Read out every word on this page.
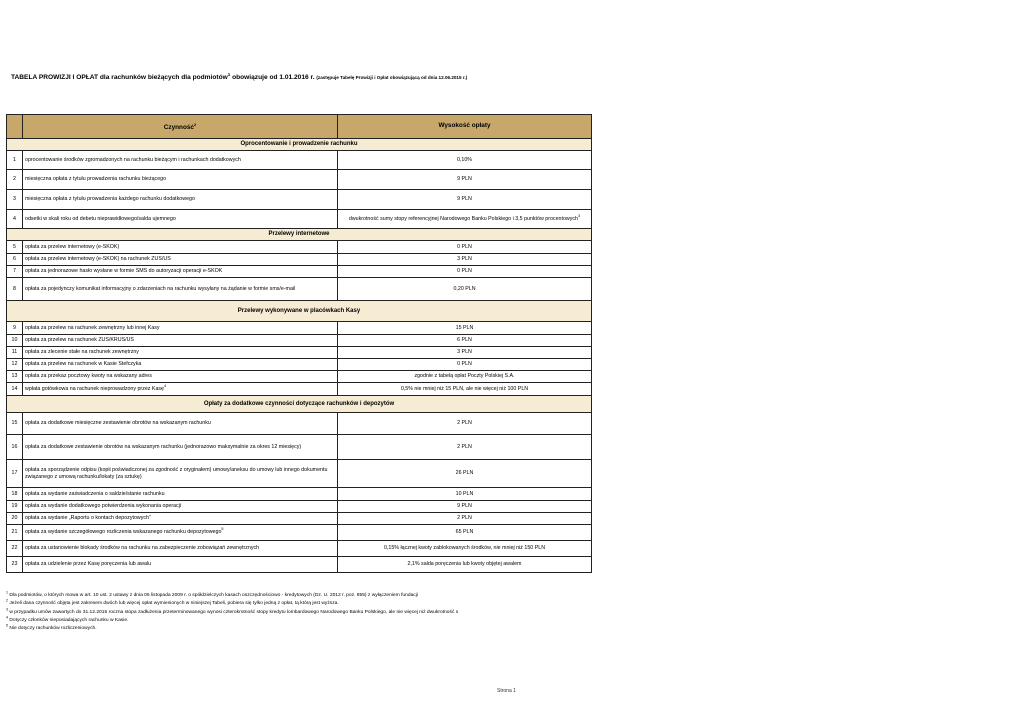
TABELA PROWIZJI I OPŁAT dla rachunków bieżących dla podmiotów$^1$ obowiązuje od 1.01.2016 r. (zastępuje Tabelę Prowizji i Opłat obowiązującą od dnia 12.06.2015 r.)
	Czynność$^2$	Wysokość opłaty
Oprocentowanie i prowadzenie rachunku		
1	oprocentowanie środków zgromadzonych na rachunku bieżącym i rachunkach dodatkowych	0,10%
2	miesięczna opłata z tytułu prowadzenia rachunku bieżącego	9 PLN
3	miesięczna opłata z tytułu prowadzenia każdego rachunku dodatkowego	9 PLN
4	odsetki w skali roku od debetu nieprawidłowego/salda ujemnego	dwukrotność sumy stopy referencyjnej Narodowego Banku Polskiego i 3,5 punktów procentowych$^3$
Przelewy internetowe		
5	opłata za przelew internetowy (e-SKOK)	0 PLN
6	opłata za przelew internetowy (e-SKOK) na rachunek ZUS/US	3 PLN
7	opłata za jednorazowe hasło wysłane w formie SMS do autoryzacji operacji e-SKOK	0 PLN
8	opłata za pojedynczy komunikat informacyjny o zdarzeniach na rachunku wysyłany na żądanie w formie sms/e-mail	0,20 PLN
Przelewy wykonywane w placówkach Kasy		
9	opłata za przelew na rachunek zewnętrzny lub innej Kasy	15 PLN
10	opłata za przelew na rachunek ZUS/KRUS/US	6 PLN
11	opłata za zlecenie stałe na rachunek zewnętrzny	3 PLN
12	opłata za przelew na rachunek w Kasie Stefczyka	0 PLN
13	opłata za przekaz pocztowy kwoty na wskazany adres	zgodnie z tabelą opłat Poczty Polskiej S.A.
14	wpłata gotówkowa na rachunek nieprowadzony przez Kasę$^4$	0,5% nie mniej niż 15 PLN, ale nie więcej niż 100 PLN
Opłaty za dodatkowe czynności dotyczące rachunków i depozytów		
15	opłata za dodatkowe miesięczne zestawienie obrotów na wskazanym rachunku	2 PLN
16	opłata za dodatkowe zestawienie obrotów na wskazanym rachunku (jednorazowo maksymalnie za okres 12 miesięcy)	2 PLN
17	opłata za sporządzenie odpisu (kopii poświadczonej za zgodność z oryginałem) umowy/aneksu do umowy lub innego dokumentu związanego z umową rachunku/lokaty (za sztukę)	26 PLN
18	opłata za wydanie zaświadczenia o saldzie/stanie rachunku	10 PLN
19	opłata za wydanie dodatkowego potwierdzenia wykonania operacji	9 PLN
20	opłata za wydanie „Raportu o kontach depozytowych”	2 PLN
21	opłata za wydanie szczegółowego rozliczenia wskazanego rachunku depozytowego$^5$	65 PLN
22	opłata za ustanowienie blokady środków na rachunku na zabezpieczenie zobowiązań zewnętrznych	0,15% łącznej kwoty zablokowanych środków, nie mniej niż 150 PLN
23	opłata za udzielenie przez Kasę poręczenia lub awalu	2,1% salda poręczenia lub kwoty objętej awalem
$^1$ Dla podmiotów, o których mowa w art. 10 ust. 2 ustawy z dnia 05 listopada 2009 r. o spółdzielczych kasach oszczędnościowo - kredytowych (Dz. U. 2012 r. poz. 855) z wyłączeniem fundacji
$^2$ Jeżeli dana czynność objęta jest zakresem dwóch lub więcej opłat wymienionych w niniejszej Tabeli, pobiera się tylko jedną z opłat, tą którą jest wyższa.
$^3$ w przypadku umów zawartych do 31.12.2015 roczna stopa zadłużenia przeterminowanego wynosi czterokrotność stopy kredytu lombardowego Narodowego Banku Polskiego, ale nie więcej niż dwukrotność s
$^4$ Dotyczy członków nieposiadających rachunku w Kasie.
$^5$ Nie dotyczy rachunków rozliczeniowych.
Strona 1
